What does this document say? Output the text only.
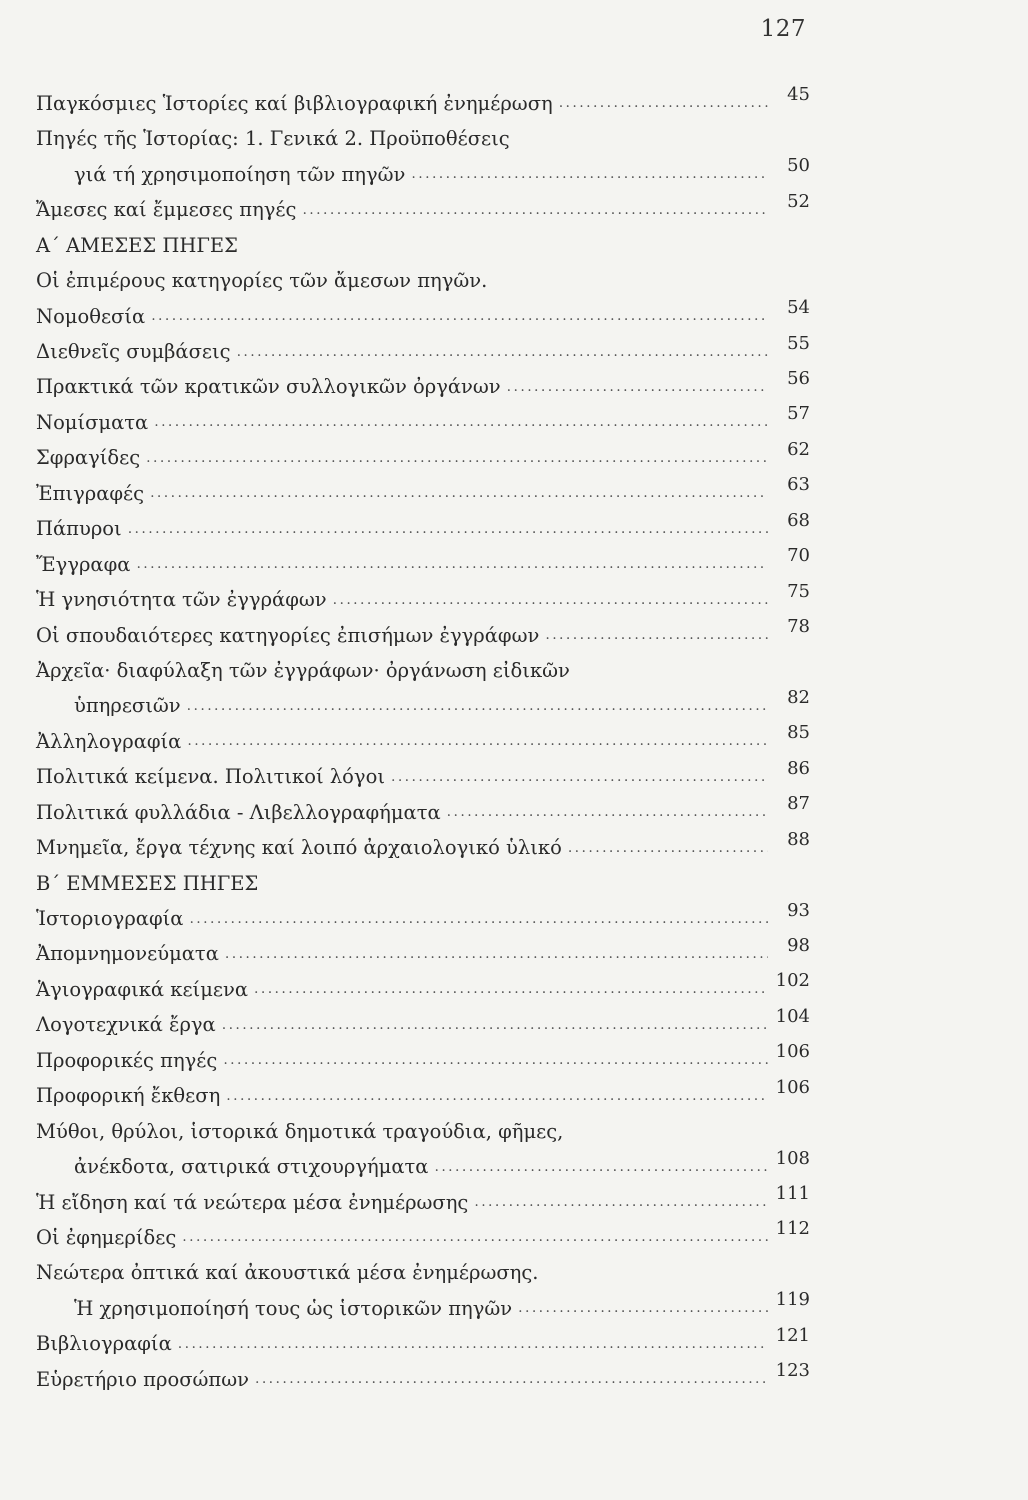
127
Παγκόσμιες Ἱστορίες καί βιβλιογραφική ἐνημέρωση .....	45
Πηγές τῆς Ἱστορίας: 1. Γενικά 2. Προϋποθέσεις
γιά τή χρησιμοποίηση τῶν πηγῶν .....	50
Ἄμεσες καί ἔμμεσες πηγές .....	52
Α΄ ΑΜΕΣΕΣ ΠΗΓΕΣ
Οἱ ἐπιμέρους κατηγορίες τῶν ἄμεσων πηγῶν.
Νομοθεσία .....	54
Διεθνεῖς συμβάσεις .....	55
Πρακτικά τῶν κρατικῶν συλλογικῶν ὀργάνων .....	56
Νομίσματα .....	57
Σφραγίδες .....	62
Ἐπιγραφές .....	63
Πάπυροι .....	68
Ἔγγραφα .....	70
Ἡ γνησιότητα τῶν ἐγγράφων .....	75
Οἱ σπουδαιότερες κατηγορίες ἐπισήμων ἐγγράφων .....	78
Ἀρχεῖα· διαφύλαξη τῶν ἐγγράφων· ὀργάνωση εἰδικῶν
ὑπηρεσιῶν .....	82
Ἀλληλογραφία .....	85
Πολιτικά κείμενα. Πολιτικοί λόγοι .....	86
Πολιτικά φυλλάδια - Λιβελλογραφήματα .....	87
Μνημεῖα, ἔργα τέχνης καί λοιπό ἀρχαιολογικό ὑλικό .....	88
Β΄ ΕΜΜΕΣΕΣ ΠΗΓΕΣ
Ἱστοριογραφία .....	93
Ἀπομνημονεύματα .....	98
Ἁγιογραφικά κείμενα .....	102
Λογοτεχνικά ἔργα .....	104
Προφορικές πηγές .....	106
Προφορική ἔκθεση .....	106
Μύθοι, θρύλοι, ἱστορικά δημοτικά τραγούδια, φῆμες,
ἀνέκδοτα, σατιρικά στιχουργήματα .....	108
Ἡ εἴδηση καί τά νεώτερα μέσα ἐνημέρωσης .....	111
Οἱ ἐφημερίδες .....	112
Νεώτερα ὀπτικά καί ἀκουστικά μέσα ἐνημέρωσης.
Ἡ χρησιμοποίησή τους ὡς ἱστορικῶν πηγῶν .....	119
Βιβλιογραφία .....	121
Εὑρετήριο προσώπων .....	123
